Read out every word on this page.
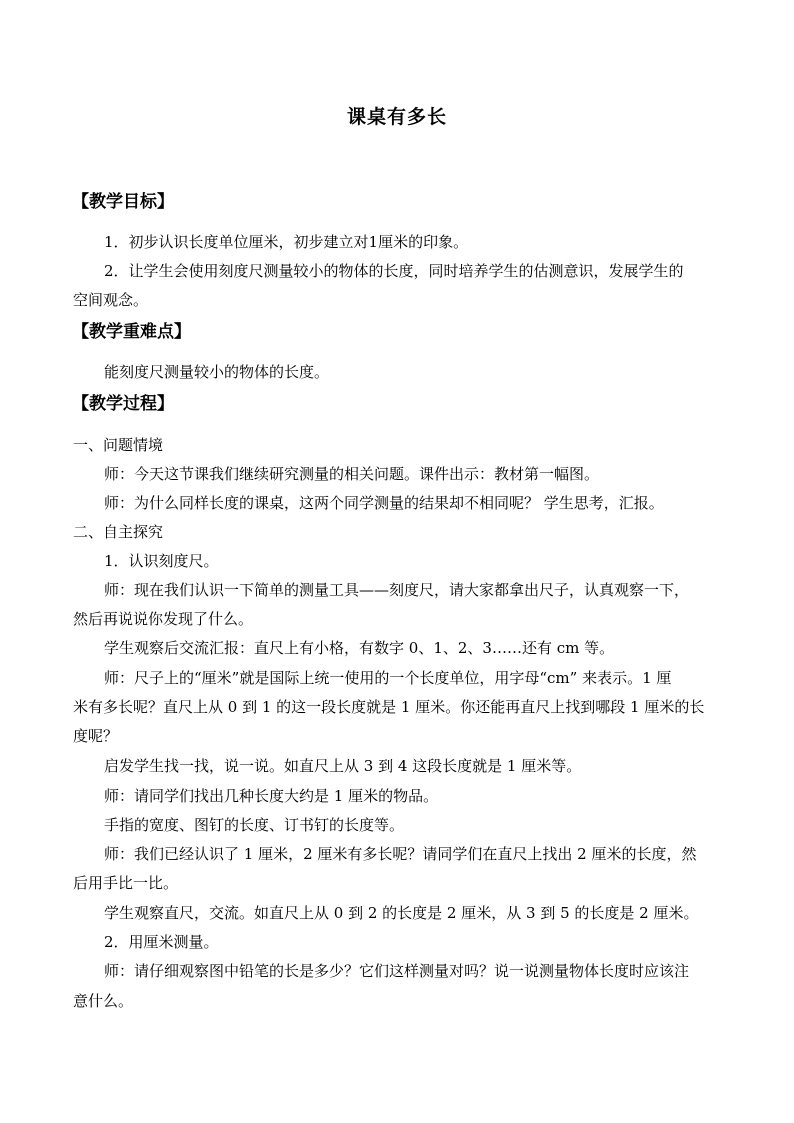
课桌有多长
【教学目标】
1．初步认识长度单位厘米，初步建立对1厘米的印象。
2．让学生会使用刻度尺测量较小的物体的长度，同时培养学生的估测意识，发展学生的
空间观念。
【教学重难点】
能刻度尺测量较小的物体的长度。
【教学过程】
一、问题情境
师：今天这节课我们继续研究测量的相关问题。课件出示：教材第一幅图。
师：为什么同样长度的课桌，这两个同学测量的结果却不相同呢？ 学生思考，汇报。
二、自主探究
1．认识刻度尺。
师：现在我们认识一下简单的测量工具——刻度尺，请大家都拿出尺子，认真观察一下，
然后再说说你发现了什么。
学生观察后交流汇报：直尺上有小格，有数字 0、1、2、3……还有 cm 等。
师：尺子上的“厘米”就是国际上统一使用的一个长度单位，用字母“cm” 来表示。1 厘
米有多长呢？直尺上从 0 到 1 的这一段长度就是 1 厘米。你还能再直尺上找到哪段 1 厘米的长
度呢？
启发学生找一找，说一说。如直尺上从 3 到 4 这段长度就是 1 厘米等。
师：请同学们找出几种长度大约是 1 厘米的物品。
手指的宽度、图钉的长度、订书钉的长度等。
师：我们已经认识了 1 厘米，2 厘米有多长呢？请同学们在直尺上找出 2 厘米的长度，然
后用手比一比。
学生观察直尺，交流。如直尺上从 0 到 2 的长度是 2 厘米，从 3 到 5 的长度是 2 厘米。
2．用厘米测量。
师：请仔细观察图中铅笔的长是多少？它们这样测量对吗？说一说测量物体长度时应该注
意什么。
